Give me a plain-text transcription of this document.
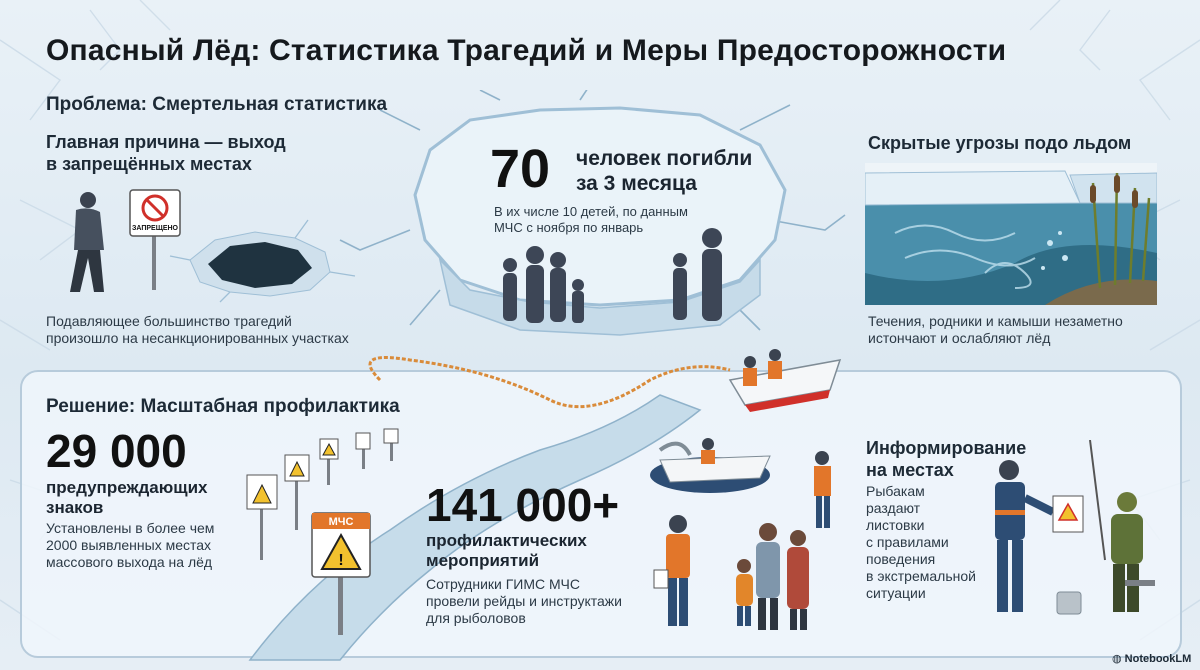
Опасный Лёд: Статистика Трагедий и Меры Предосторожности
Проблема: Смертельная статистика
Главная причина — выход
в запрещённых местах
ЗАПРЕЩЕНО
Подавляющее большинство трагедий
произошло на несанкционированных участках
70 человек погибли
за 3 месяца
В их числе 10 детей, по данным
МЧС с ноября по январь
Скрытые угрозы подо льдом
Течения, родники и камыши незаметно
истончают и ослабляют лёд
Решение: Масштабная профилактика
29 000
предупреждающих
знаков
Установлены в более чем
2000 выявленных местах
массового выхода на лёд
МЧС
!
141 000+
профилактических
мероприятий
Сотрудники ГИМС МЧС
провели рейды и инструктажи
для рыболовов
Информирование
на местах
Рыбакам
раздают
листовки
с правилами
поведения
в экстремальной
ситуации
◍ NotebookLM
